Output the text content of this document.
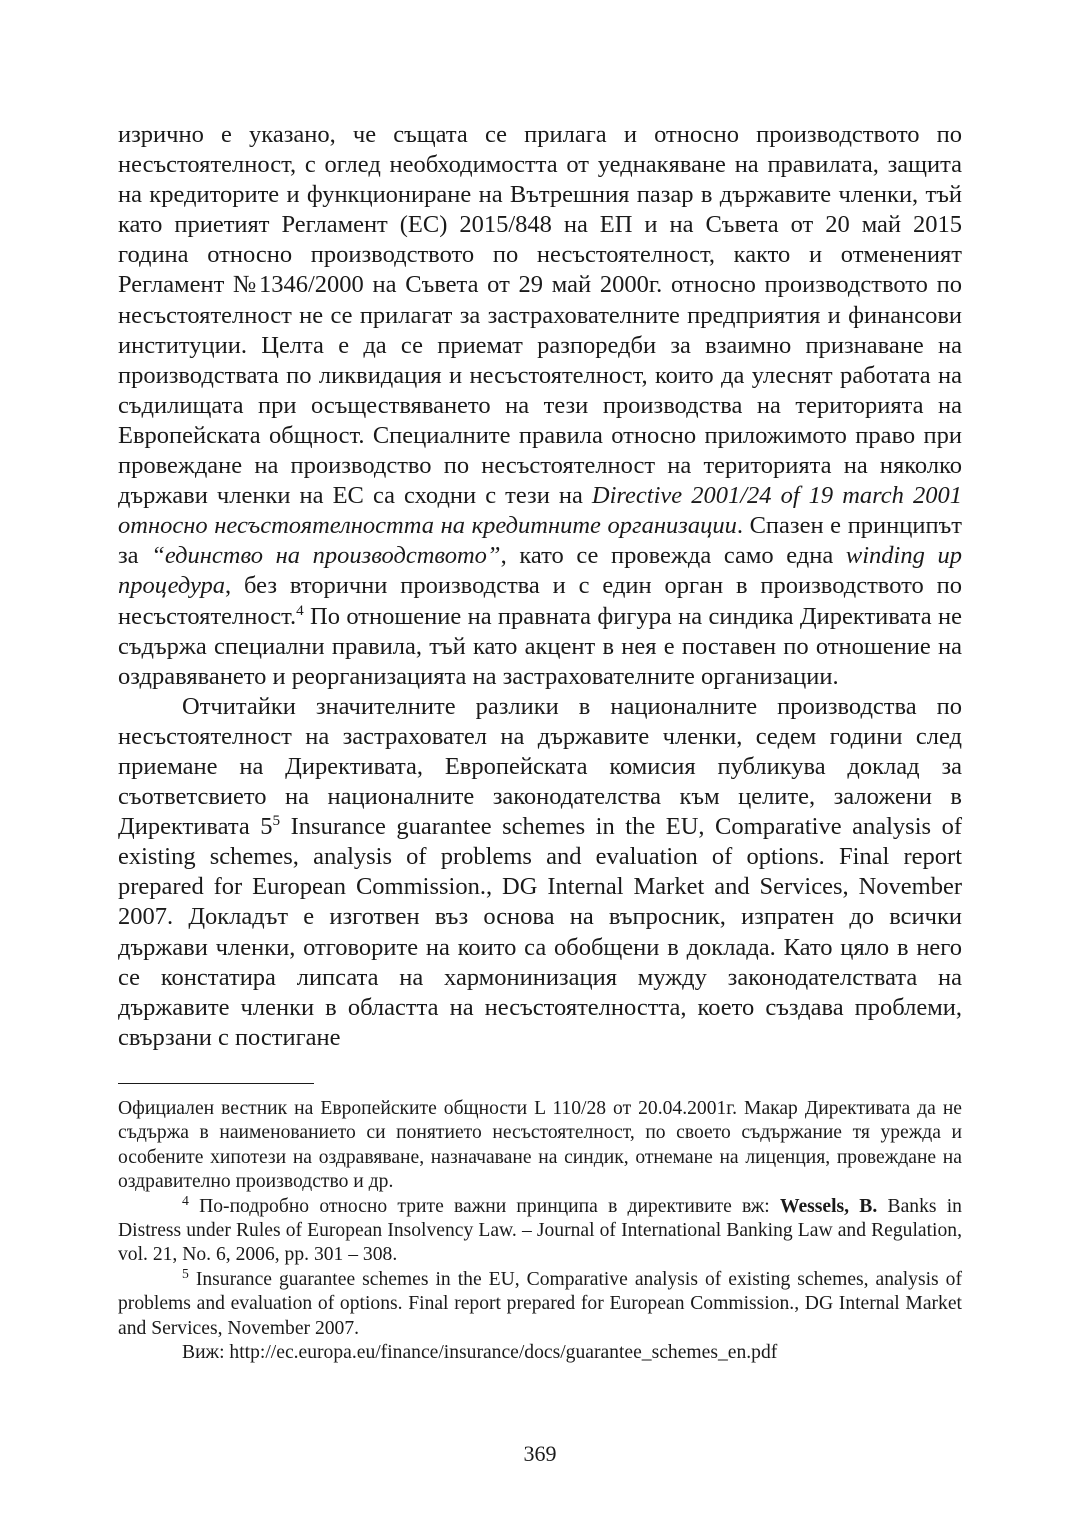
изрично е указано, че същата се прилага и относно производството по несъстоятелност, с оглед необходимостта от уеднакяване на правилата, защита на кредиторите и функциониране на Вътрешния пазар в държавите членки, тъй като приетият Регламент (ЕС) 2015/848 на ЕП и на Съвета от 20 май 2015 година относно производството по несъстоятелност, както и отмененият Регламент №1346/2000 на Съвета от 29 май 2000г. относно производството по несъстоятелност не се прилагат за застрахователните предприятия и финансови институции. Целта е да се приемат разпоредби за взаимно признаване на производствата по ликвидация и несъстоятелност, които да улеснят работата на съдилищата при осъществяването на тези производства на територията на Европейската общност. Специалните правила относно приложимото право при провеждане на производство по несъстоятелност на територията на няколко държави членки на ЕС са сходни с тези на Directive 2001/24 of 19 march 2001 относно несъстоятелността на кредитните организации. Спазен е принципът за “единство на производството”, като се провежда само една winding up процедура, без вторични производства и с един орган в производството по несъстоятелност.$^4$ По отношение на правната фигура на синдика Директивата не съдържа специални правила, тъй като акцент в нея е поставен по отношение на оздравяването и реорганизацията на застрахователните организации.

Отчитайки значителните разлики в националните производства по несъстоятелност на застраховател на държавите членки, седем години след приемане на Директивата, Европейската комисия публикува доклад за съответсвието на националните законодателства към целите, заложени в Директивата $5^5$ Insurance guarantee schemes in the EU, Comparative analysis of existing schemes, analysis of problems and evaluation of options. Final report prepared for European Commission., DG Internal Market and Services, November 2007. Докладът е изготвен въз основа на въпросник, изпратен до всички държави членки, отговорите на които са обобщени в доклада. Като цяло в него се констатира липсата на хармонинизация мужду законодателствата на държавите членки в областта на несъстоятелността, което създава проблеми, свързани с постигане

Официален вестник на Европейските общности L 110/28 от 20.04.2001г. Макар Директивата да не съдържа в наименованието си понятието несъстоятелност, по своето съдържание тя урежда и особените хипотези на оздравяване, назначаване на синдик, отнемане на лиценция, провеждане на оздравително производство и др.

$^4$ По-подробно относно трите важни принципа в директивите вж: Wessels, B. Banks in Distress under Rules of European Insolvency Law. – Journal of International Banking Law and Regulation, vol. 21, No. 6, 2006, pp. 301 – 308.

$^5$ Insurance guarantee schemes in the EU, Comparative analysis of existing schemes, analysis of problems and evaluation of options. Final report prepared for European Commission., DG Internal Market and Services, November 2007.

Виж: http://ec.europa.eu/finance/insurance/docs/guarantee_schemes_en.pdf

369
